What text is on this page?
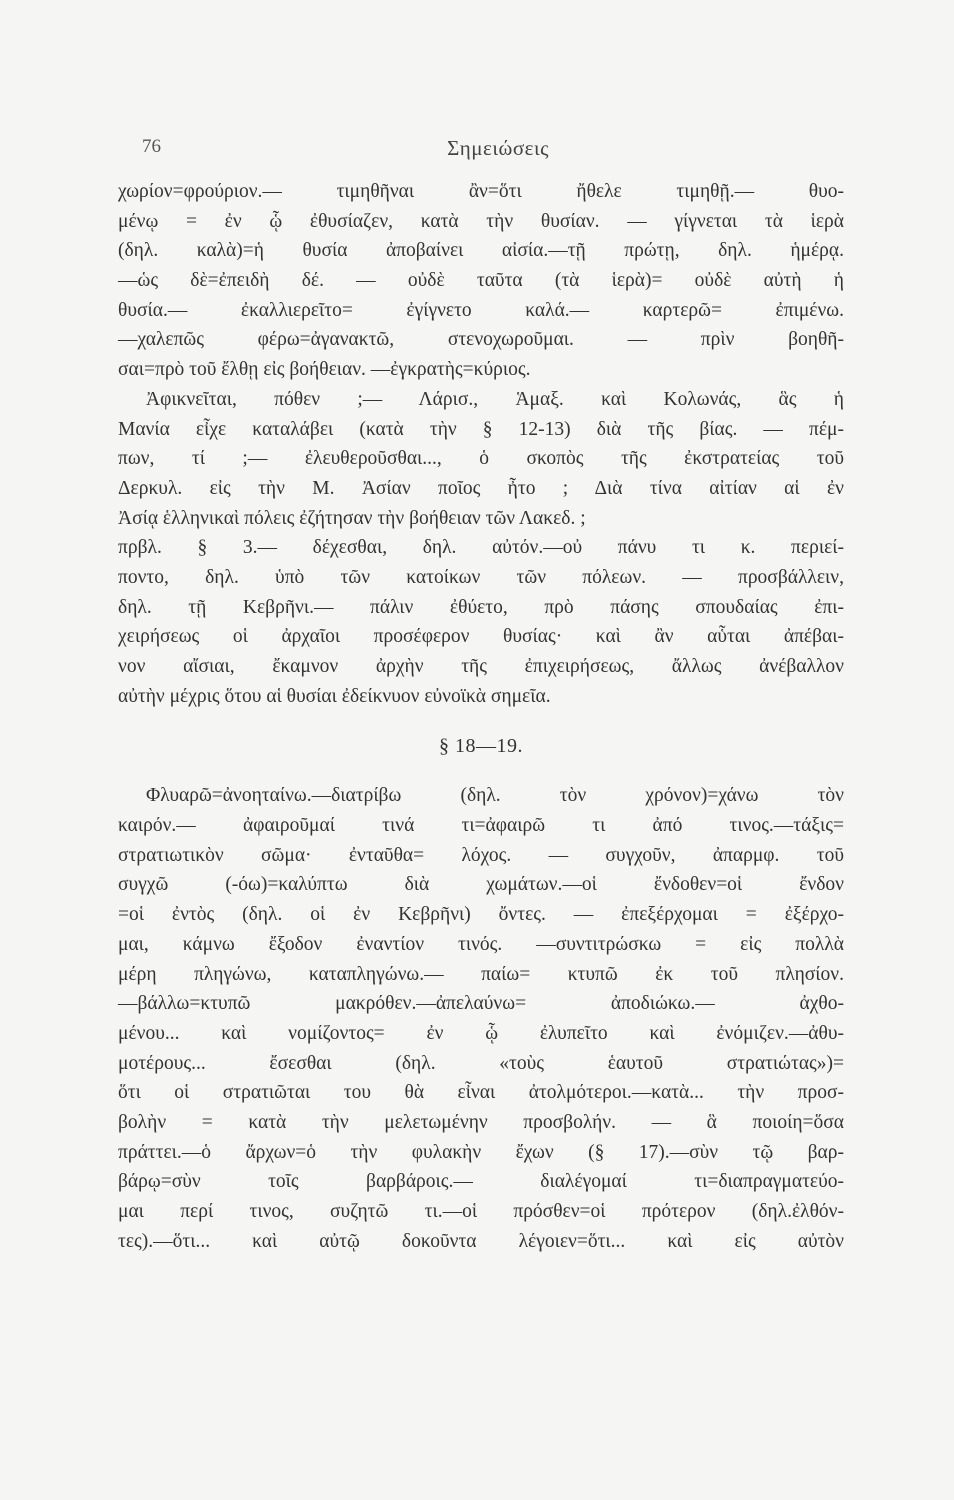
76	Σημειώσεις
χωρίον=φρούριον.— τιμηθῆναι ἂν=ὅτι ἤθελε τιμηθῇ.— θυο-
μένῳ = ἐν ᾧ ἐθυσίαζεν, κατὰ τὴν θυσίαν. — γίγνεται τὰ ἱερὰ
(δηλ. καλὰ)=ἡ θυσία ἀποβαίνει αἰσία.—τῇ πρώτῃ, δηλ. ἡμέρᾳ.
—ὡς δὲ=ἐπειδὴ δέ. — οὐδὲ ταῦτα (τὰ ἱερὰ)= οὐδὲ αὐτὴ ἡ
θυσία.— ἐκαλλιερεῖτο= ἐγίγνετο καλά.— καρτερῶ= ἐπιμένω.
—χαλεπῶς φέρω=ἀγανακτῶ, στενοχωροῦμαι. — πρὶν βοηθῆ-
σαι=πρὸ τοῦ ἔλθῃ εἰς βοήθειαν. —ἐγκρατὴς=κύριος.
Ἀφικνεῖται, πόθεν ;— Λάρισ., Ἁμαξ. καὶ Κολωνάς, ἃς ἡ
Μανία εἶχε καταλάβει (κατὰ τὴν § 12-13) διὰ τῆς βίας. — πέμ-
πων, τί ;— ἐλευθεροῦσθαι..., ὁ σκοπὸς τῆς ἐκστρατείας τοῦ
Δερκυλ. εἰς τὴν Μ. Ἀσίαν ποῖος ἦτο ; Διὰ τίνα αἰτίαν αἱ ἐν
Ἀσίᾳ ἑλληνικαὶ πόλεις ἐζήτησαν τὴν βοήθειαν τῶν Λακεδ. ;
πρβλ. § 3.— δέχεσθαι, δηλ. αὐτόν.—οὐ πάνυ τι κ. περιεί-
ποντο, δηλ. ὑπὸ τῶν κατοίκων τῶν πόλεων. — προσβάλλειν,
δηλ. τῇ Κεβρῆνι.— πάλιν ἐθύετο, πρὸ πάσης σπουδαίας ἐπι-
χειρήσεως οἱ ἀρχαῖοι προσέφερον θυσίας· καὶ ἂν αὗται ἀπέβαι-
νον αἴσιαι, ἔκαμνον ἀρχὴν τῆς ἐπιχειρήσεως, ἄλλως ἀνέβαλλον
αὐτὴν μέχρις ὅτου αἱ θυσίαι ἐδείκνυον εὐνοϊκὰ σημεῖα.
§ 18—19.
Φλυαρῶ=ἀνοηταίνω.—διατρίβω (δηλ. τὸν χρόνον)=χάνω τὸν
καιρόν.— ἀφαιροῦμαί τινά τι=ἀφαιρῶ τι ἀπό τινος.—τάξις=
στρατιωτικὸν σῶμα· ἐνταῦθα= λόχος. — συγχοῦν, ἀπαρμφ. τοῦ
συγχῶ (-όω)=καλύπτω διὰ χωμάτων.—οἱ ἔνδοθεν=οἱ ἔνδον
=οἱ ἐντὸς (δηλ. οἱ ἐν Κεβρῆνι) ὄντες. — ἐπεξέρχομαι = ἐξέρχο-
μαι, κάμνω ἔξοδον ἐναντίον τινός. —συντιτρώσκω = εἰς πολλὰ
μέρη πληγώνω, καταπληγώνω.— παίω= κτυπῶ ἐκ τοῦ πλησίον.
—βάλλω=κτυπῶ μακρόθεν.—ἀπελαύνω= ἀποδιώκω.— ἀχθο-
μένου... καὶ νομίζοντος= ἐν ᾧ ἐλυπεῖτο καὶ ἐνόμιζεν.—ἀθυ-
μοτέρους... ἔσεσθαι (δηλ. «τοὺς ἑαυτοῦ στρατιώτας»)=
ὅτι οἱ στρατιῶται του θὰ εἶναι ἀτολμότεροι.—κατὰ... τὴν προσ-
βολὴν = κατὰ τὴν μελετωμένην προσβολήν. — ἃ ποιοίη=ὅσα
πράττει.—ὁ ἄρχων=ὁ τὴν φυλακὴν ἔχων (§ 17).—σὺν τῷ βαρ-
βάρῳ=σὺν τοῖς βαρβάροις.— διαλέγομαί τι=διαπραγματεύο-
μαι περί τινος, συζητῶ τι.—οἱ πρόσθεν=οἱ πρότερον (δηλ.ἐλθόν-
τες).—ὅτι... καὶ αὐτῷ δοκοῦντα λέγοιεν=ὅτι... καὶ εἰς αὐτὸν
